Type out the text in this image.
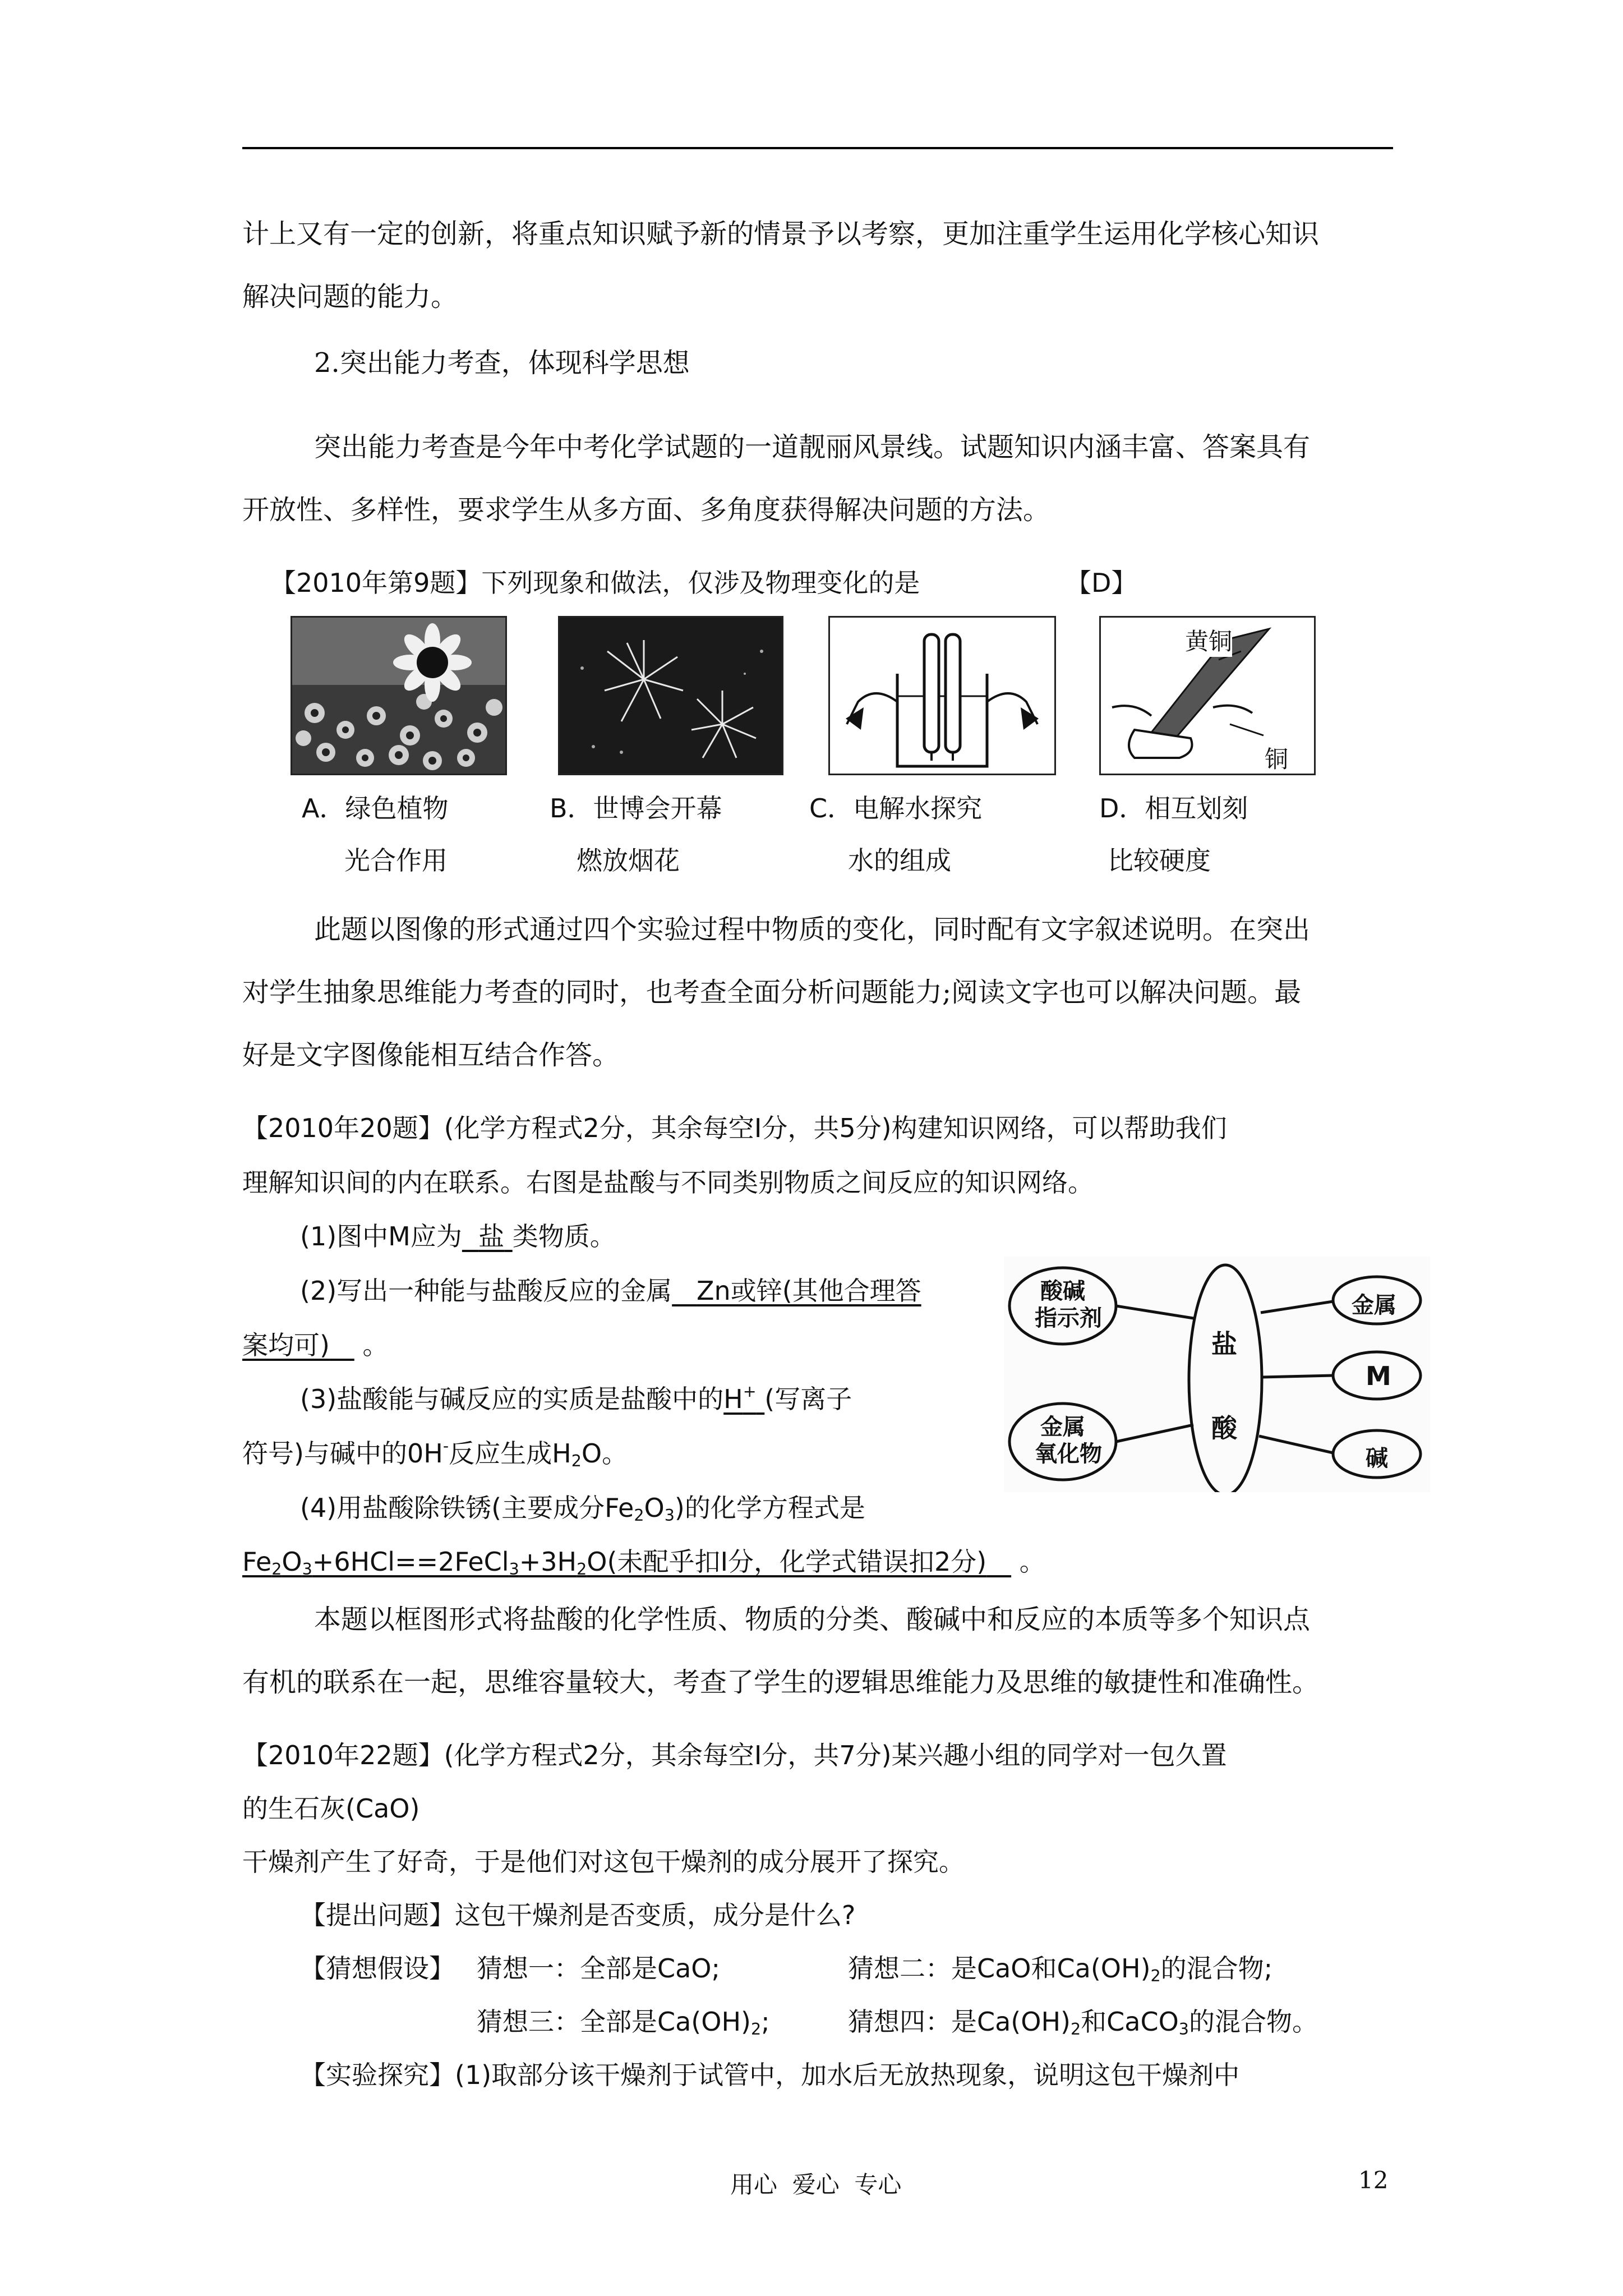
计上又有一定的创新，将重点知识赋予新的情景予以考察，更加注重学生运用化学核心知识
解决问题的能力。
2.突出能力考查，体现科学思想
突出能力考查是今年中考化学试题的一道靓丽风景线。试题知识内涵丰富、答案具有
开放性、多样性，要求学生从多方面、多角度获得解决问题的方法。
【2010年第9题】下列现象和做法，仅涉及物理变化的是	【D】
黄铜
铜
A．绿色植物
光合作用
B．世博会开幕
燃放烟花
C．电解水探究
水的组成
D．相互划刻
比较硬度
此题以图像的形式通过四个实验过程中物质的变化，同时配有文字叙述说明。在突出
对学生抽象思维能力考查的同时，也考查全面分析问题能力;阅读文字也可以解决问题。最
好是文字图像能相互结合作答。
【2010年20题】(化学方程式2分，其余每空I分，共5分)构建知识网络，可以帮助我们
理解知识间的内在联系。右图是盐酸与不同类别物质之间反应的知识网络。
(1)图中M应为 盐 类物质。
(2)写出一种能与盐酸反应的金属 Zn或锌(其他合理答
案均可) 。
(3)盐酸能与碱反应的实质是盐酸中的H+ (写离子
符号)与碱中的0H-反应生成$H_2O$。
(4)用盐酸除铁锈(主要成分$Fe_2O_3$)的化学方程式是
$Fe_2O_3+6HCl==2FeCl_3+3H_2O$(未配乎扣I分，化学式错误扣2分) 。
酸碱
指示剂
金属
氧化物
盐
酸
金属
M
碱
本题以框图形式将盐酸的化学性质、物质的分类、酸碱中和反应的本质等多个知识点
有机的联系在一起，思维容量较大，考查了学生的逻辑思维能力及思维的敏捷性和准确性。
【2010年22题】(化学方程式2分，其余每空I分，共7分)某兴趣小组的同学对一包久置
的生石灰(CaO)
干燥剂产生了好奇，于是他们对这包干燥剂的成分展开了探究。
【提出问题】这包干燥剂是否变质，成分是什么?
【猜想假设】 猜想一：全部是CaO;	猜想二：是CaO和$Ca(OH)_2$的混合物;
猜想三：全部是$Ca(OH)_2$;	猜想四：是$Ca(OH)_2$和CaCO$_3$的混合物。
【实验探究】(1)取部分该干燥剂于试管中，加水后无放热现象，说明这包干燥剂中
用心  爱心  专心	12
